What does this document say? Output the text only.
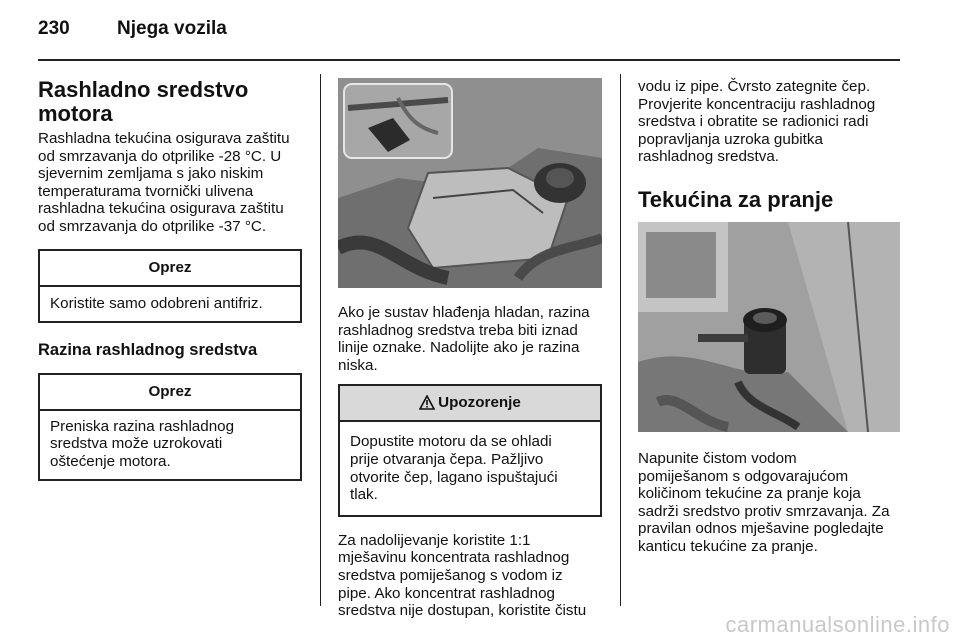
230 Njega vozila
Rashladno sredstvo
motora
Rashladna tekućina osigurava zaštitu
od smrzavanja do otprilike -28 °C. U
sjevernim zemljama s jako niskim
temperaturama tvornički ulivena
rashladna tekućina osigurava zaštitu
od smrzavanja do otprilike -37 °C.
Oprez
Koristite samo odobreni antifriz.
Razina rashladnog sredstva
Oprez
Preniska razina rashladnog
sredstva može uzrokovati
oštećenje motora.
Ako je sustav hlađenja hladan, razina
rashladnog sredstva treba biti iznad
linije oznake. Nadolijte ako je razina
niska.
Upozorenje
Dopustite motoru da se ohladi
prije otvaranja čepa. Pažljivo
otvorite čep, lagano ispuštajući
tlak.
Za nadolijevanje koristite 1:1
mješavinu koncentrata rashladnog
sredstva pomiješanog s vodom iz
pipe. Ako koncentrat rashladnog
sredstva nije dostupan, koristite čistu
vodu iz pipe. Čvrsto zategnite čep.
Provjerite koncentraciju rashladnog
sredstva i obratite se radionici radi
popravljanja uzroka gubitka
rashladnog sredstva.
Tekućina za pranje
Napunite čistom vodom
pomiješanom s odgovarajućom
količinom tekućine za pranje koja
sadrži sredstvo protiv smrzavanja. Za
pravilan odnos mješavine pogledajte
kanticu tekućine za pranje.
carmanualsonline.info
